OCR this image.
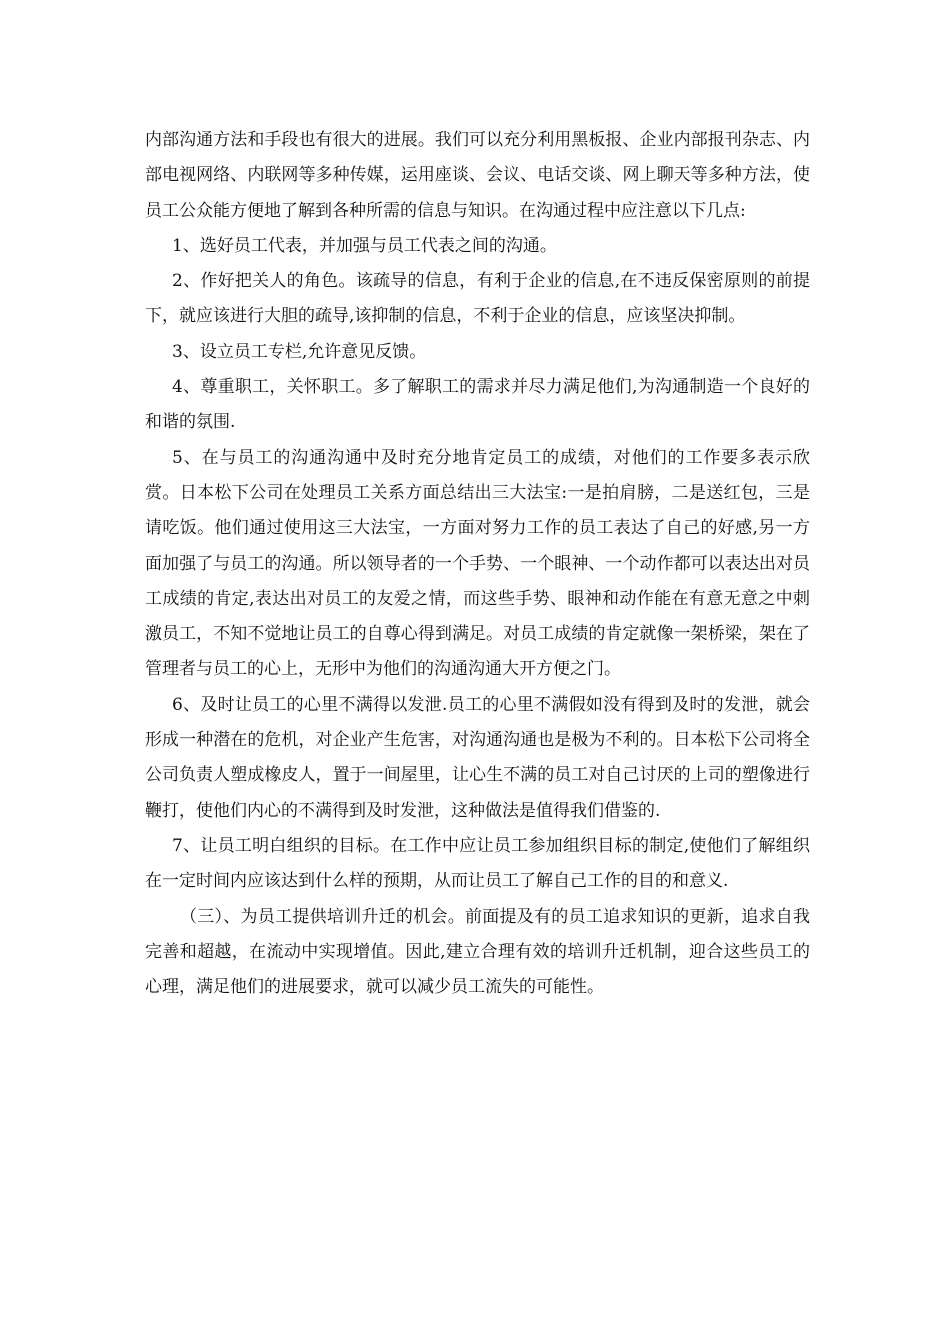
内部沟通方法和手段也有很大的进展。我们可以充分利用黑板报、企业内部报刊杂志、内部电视网络、内联网等多种传媒，运用座谈、会议、电话交谈、网上聊天等多种方法，使员工公众能方便地了解到各种所需的信息与知识。在沟通过程中应注意以下几点:

1、选好员工代表，并加强与员工代表之间的沟通。

2、作好把关人的角色。该疏导的信息，有利于企业的信息,在不违反保密原则的前提下，就应该进行大胆的疏导,该抑制的信息，不利于企业的信息，应该坚决抑制。

3、设立员工专栏,允许意见反馈。

4、尊重职工，关怀职工。多了解职工的需求并尽力满足他们,为沟通制造一个良好的和谐的氛围.

5、在与员工的沟通沟通中及时充分地肯定员工的成绩，对他们的工作要多表示欣赏。日本松下公司在处理员工关系方面总结出三大法宝:一是拍肩膀，二是送红包，三是请吃饭。他们通过使用这三大法宝，一方面对努力工作的员工表达了自己的好感,另一方面加强了与员工的沟通。所以领导者的一个手势、一个眼神、一个动作都可以表达出对员工成绩的肯定,表达出对员工的友爱之情，而这些手势、眼神和动作能在有意无意之中刺激员工，不知不觉地让员工的自尊心得到满足。对员工成绩的肯定就像一架桥梁，架在了管理者与员工的心上，无形中为他们的沟通沟通大开方便之门。

6、及时让员工的心里不满得以发泄.员工的心里不满假如没有得到及时的发泄，就会形成一种潜在的危机，对企业产生危害，对沟通沟通也是极为不利的。日本松下公司将全公司负责人塑成橡皮人，置于一间屋里，让心生不满的员工对自己讨厌的上司的塑像进行鞭打，使他们内心的不满得到及时发泄，这种做法是值得我们借鉴的.

7、让员工明白组织的目标。在工作中应让员工参加组织目标的制定,使他们了解组织在一定时间内应该达到什么样的预期，从而让员工了解自己工作的目的和意义.

（三）、为员工提供培训升迁的机会。前面提及有的员工追求知识的更新，追求自我完善和超越，在流动中实现增值。因此,建立合理有效的培训升迁机制，迎合这些员工的心理，满足他们的进展要求，就可以减少员工流失的可能性。
